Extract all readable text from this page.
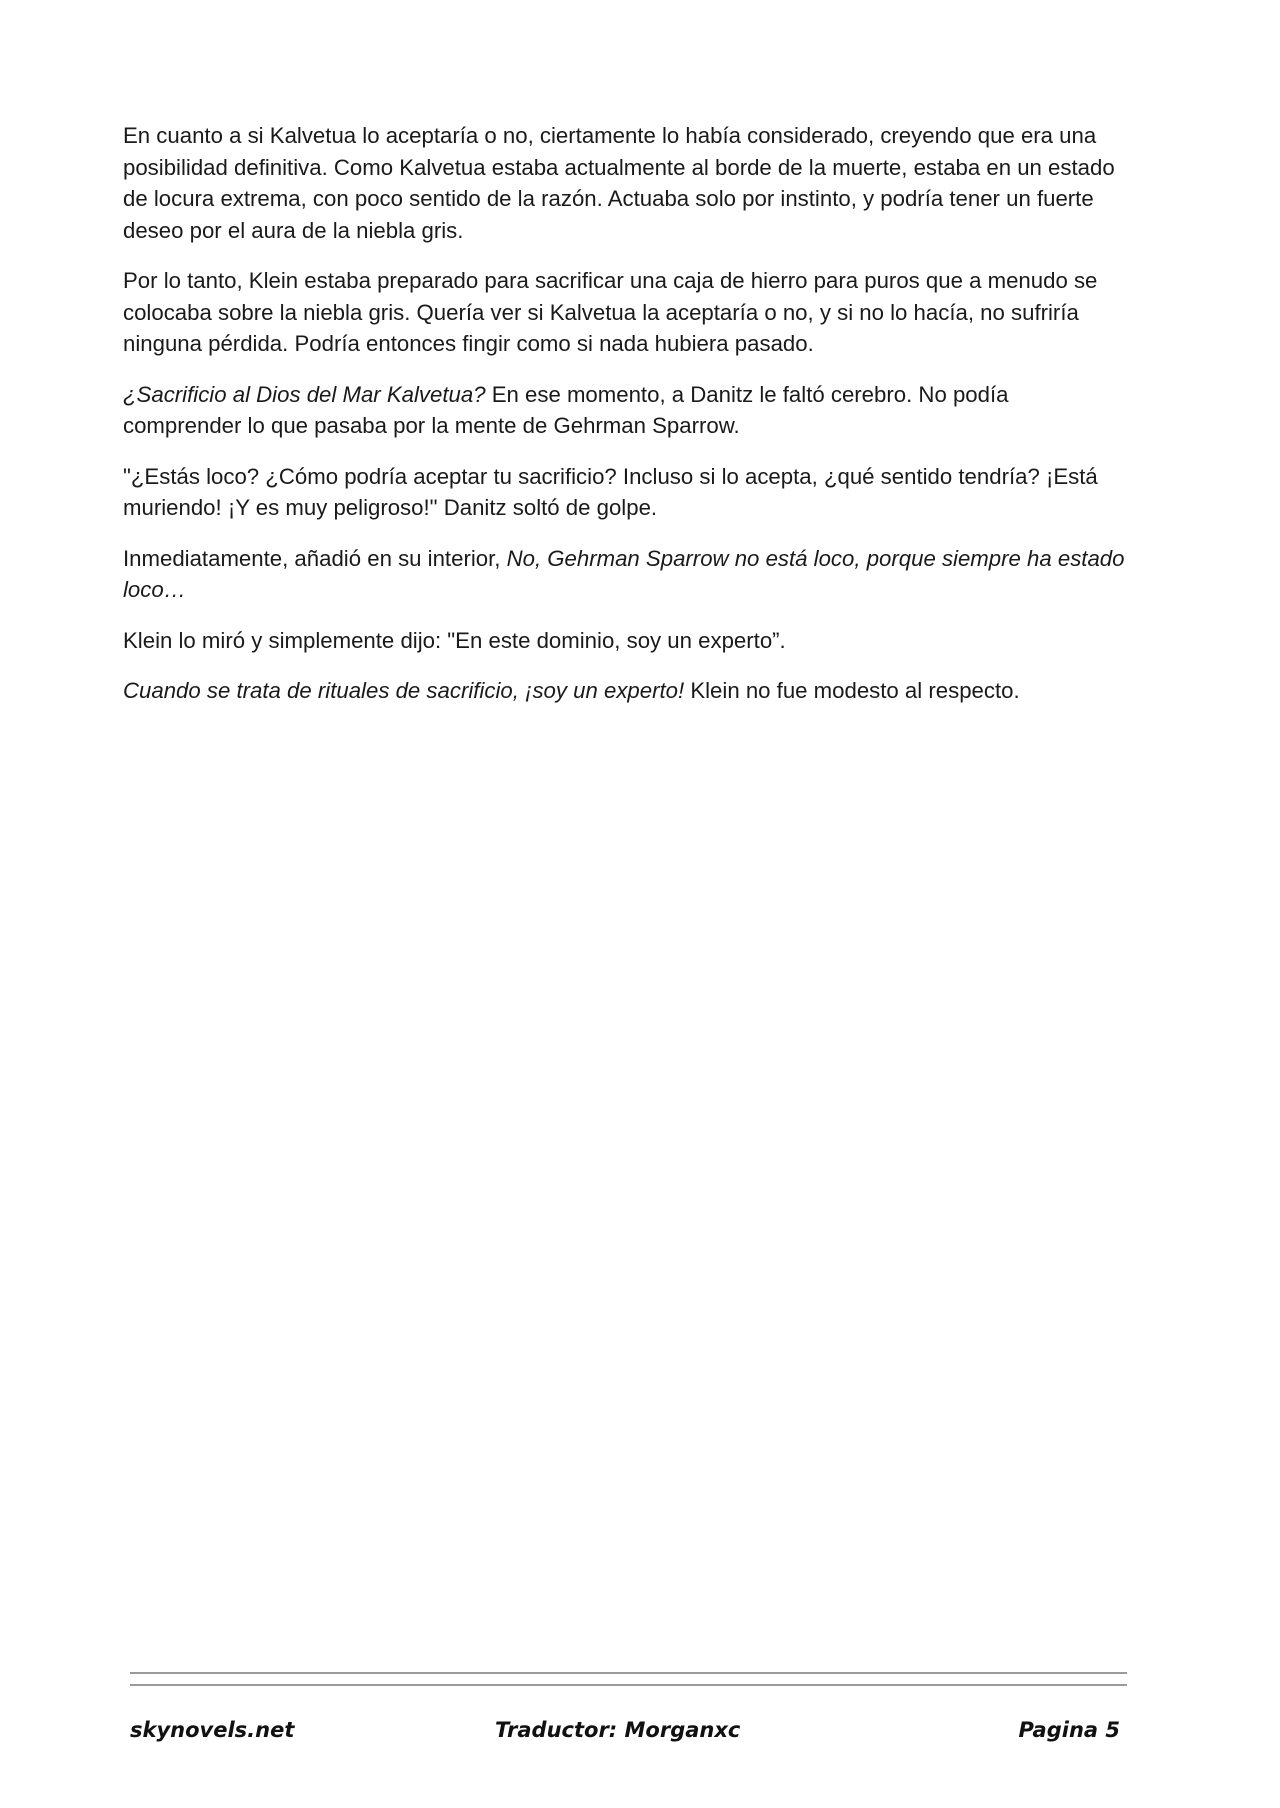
En cuanto a si Kalvetua lo aceptaría o no, ciertamente lo había considerado, creyendo que era una posibilidad definitiva. Como Kalvetua estaba actualmente al borde de la muerte, estaba en un estado de locura extrema, con poco sentido de la razón. Actuaba solo por instinto, y podría tener un fuerte deseo por el aura de la niebla gris.

Por lo tanto, Klein estaba preparado para sacrificar una caja de hierro para puros que a menudo se colocaba sobre la niebla gris. Quería ver si Kalvetua la aceptaría o no, y si no lo hacía, no sufriría ninguna pérdida. Podría entonces fingir como si nada hubiera pasado.

¿Sacrificio al Dios del Mar Kalvetua? En ese momento, a Danitz le faltó cerebro. No podía comprender lo que pasaba por la mente de Gehrman Sparrow.

"¿Estás loco? ¿Cómo podría aceptar tu sacrificio? Incluso si lo acepta, ¿qué sentido tendría? ¡Está muriendo! ¡Y es muy peligroso!" Danitz soltó de golpe.

Inmediatamente, añadió en su interior, No, Gehrman Sparrow no está loco, porque siempre ha estado loco…

Klein lo miró y simplemente dijo: "En este dominio, soy un experto”.

Cuando se trata de rituales de sacrificio, ¡soy un experto! Klein no fue modesto al respecto.

skynovels.net	Traductor: Morganxc	Pagina 5
